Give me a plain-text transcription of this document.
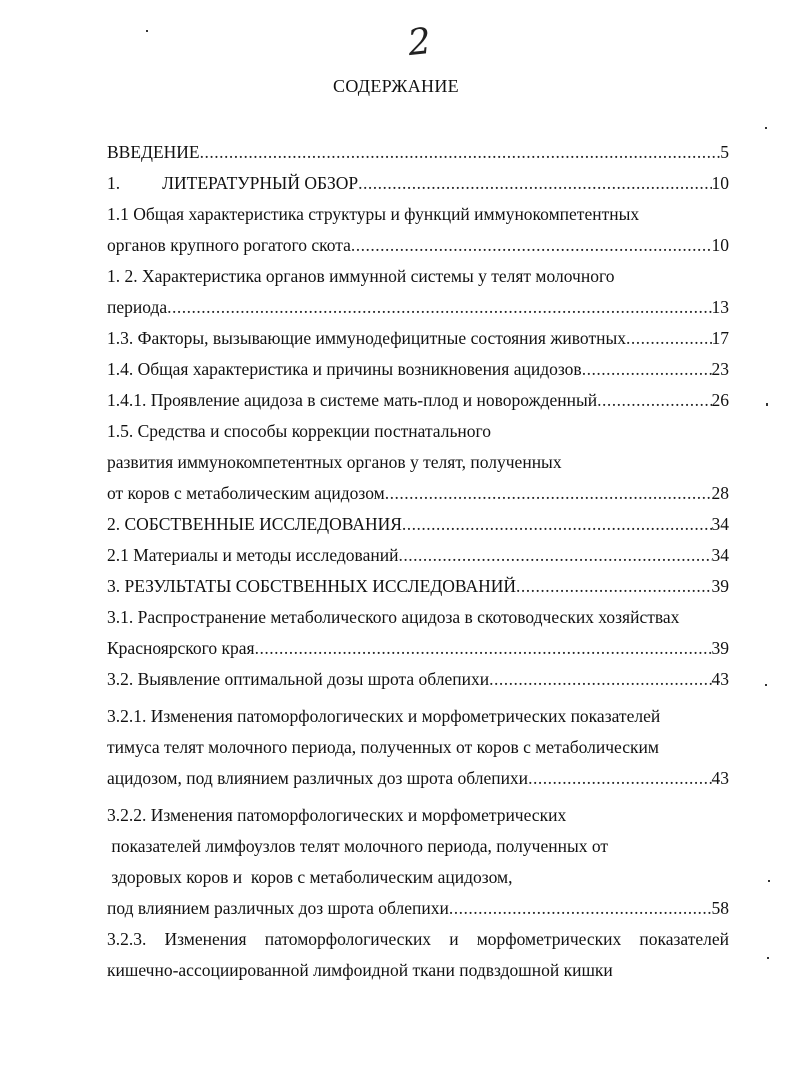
2
СОДЕРЖАНИЕ
ВВЕДЕНИЕ .....	5
1. ЛИТЕРАТУРНЫЙ ОБЗОР .....	10
1.1 Общая характеристика структуры и функций иммунокомпетентных
органов крупного рогатого скота .....	10
1. 2. Характеристика органов иммунной системы у телят молочного
периода .....	13
1.3. Факторы, вызывающие иммунодефицитные состояния животных .....	17
1.4. Общая характеристика и причины возникновения ацидозов .....	23
1.4.1. Проявление ацидоза в системе мать-плод и новорожденный .....	26
1.5. Средства и способы коррекции постнатального
развития иммунокомпетентных органов у телят, полученных
от коров с метаболическим ацидозом .....	28
2. СОБСТВЕННЫЕ ИССЛЕДОВАНИЯ .....	34
2.1 Материалы и методы исследований .....	34
3. РЕЗУЛЬТАТЫ СОБСТВЕННЫХ ИССЛЕДОВАНИЙ .....	39
3.1. Распространение метаболического ацидоза в скотоводческих хозяйствах
Красноярского края .....	39
3.2. Выявление оптимальной дозы шрота облепихи .....	43
3.2.1. Изменения патоморфологических и морфометрических показателей
тимуса телят молочного периода, полученных от коров с метаболическим
ацидозом, под влиянием различных доз шрота облепихи .....	43
3.2.2. Изменения патоморфологических и морфометрических
показателей лимфоузлов телят молочного периода, полученных от
здоровых коров и  коров с метаболическим ацидозом,
под влиянием различных доз шрота облепихи .....	58
3.2.3. Изменения патоморфологических и морфометрических показателей
кишечно-ассоциированной лимфоидной ткани подвздошной кишки
